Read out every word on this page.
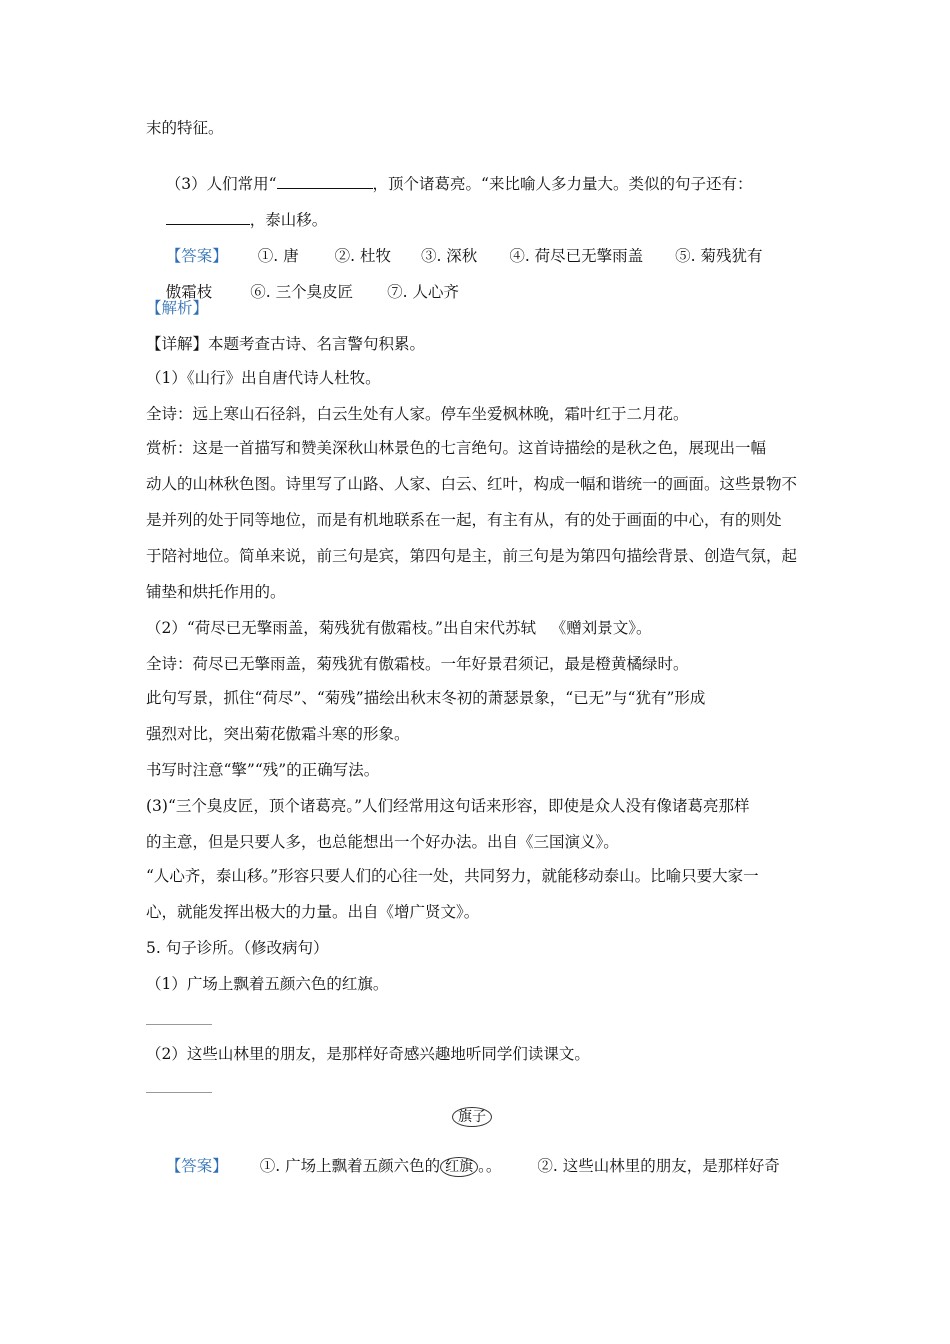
末的特征。

（3）人们常用“	，顶个诸葛亮。“来比喻人多力量大。类似的句子还有：

，泰山移。

【答案】 ①. 唐 ②. 杜牧 ③. 深秋 ④. 荷尽已无擎雨盖 ⑤. 菊残犹有

傲霜枝 ⑥. 三个臭皮匠 ⑦. 人心齐

【解析】
【详解】本题考查古诗、名言警句积累。
（1）《山行》出自唐代诗人杜牧。
全诗：远上寒山石径斜，白云生处有人家。停车坐爱枫林晚，霜叶红于二月花。
赏析：这是一首描写和赞美深秋山林景色的七言绝句。这首诗描绘的是秋之色，展现出一幅
动人的山林秋色图。诗里写了山路、人家、白云、红叶，构成一幅和谐统一的画面。这些景物不
是并列的处于同等地位，而是有机地联系在一起，有主有从，有的处于画面的中心，有的则处
于陪衬地位。简单来说，前三句是宾，第四句是主，前三句是为第四句描绘背景、创造气氛，起
铺垫和烘托作用的。
（2）“荷尽已无擎雨盖，菊残犹有傲霜枝。”出自宋代苏轼   《赠刘景文》。
全诗：荷尽已无擎雨盖，菊残犹有傲霜枝。一年好景君须记，最是橙黄橘绿时。
此句写景，抓住“荷尽”、“菊残”描绘出秋末冬初的萧瑟景象，“已无”与“犹有”形成
强烈对比，突出菊花傲霜斗寒的形象。
书写时注意“擎”“残”的正确写法。
(3)“三个臭皮匠，顶个诸葛亮。”人们经常用这句话来形容，即使是众人没有像诸葛亮那样
的主意，但是只要人多，也总能想出一个好办法。出自《三国演义》。
“人心齐，泰山移。”形容只要人们的心往一处，共同努力，就能移动泰山。比喻只要大家一
心，就能发挥出极大的力量。出自《增广贤文》。
5. 句子诊所。（修改病句）
（1）广场上飘着五颜六色的红旗。
（2）这些山林里的朋友，是那样好奇感兴趣地听同学们读课文。
旗子

【答案】 ①. 广场上飘着五颜六色的 红旗 。。 ②. 这些山林里的朋友，是那样好奇
